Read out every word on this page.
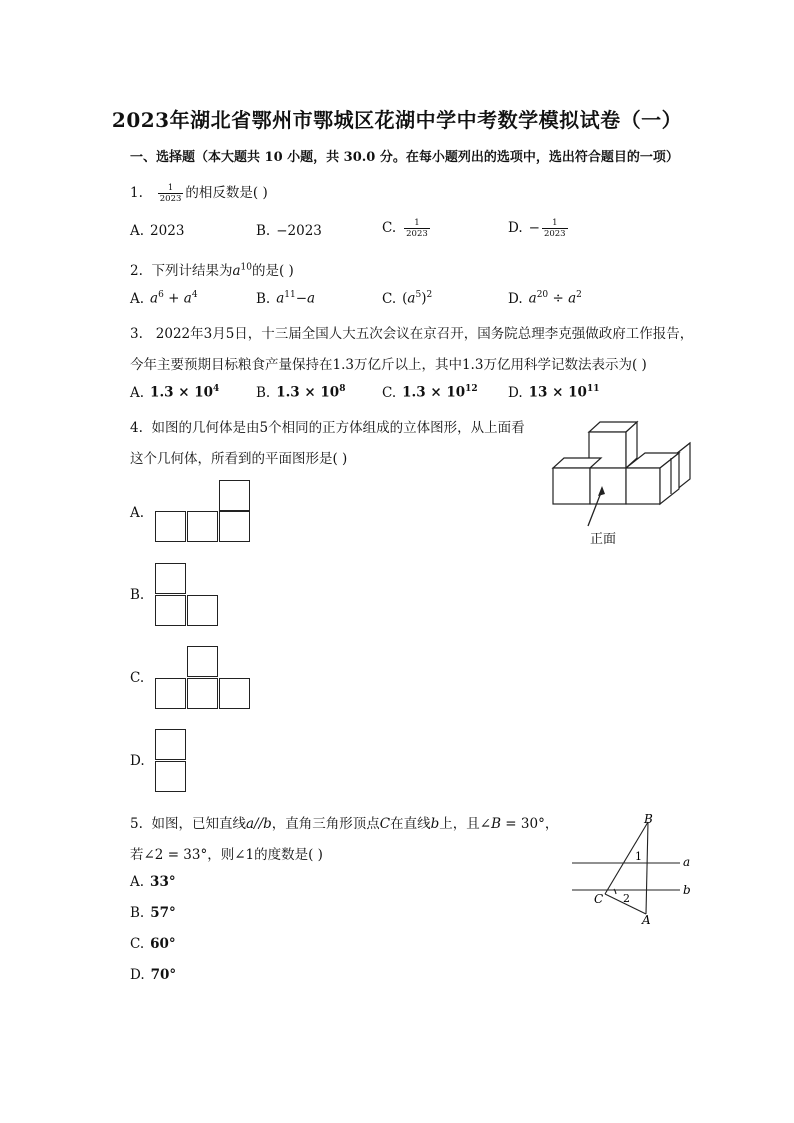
2023年湖北省鄂州市鄂城区花湖中学中考数学模拟试卷（一）
一、选择题（本大题共 10 小题，共 30.0 分。在每小题列出的选项中，选出符合题目的一项）
1. $\frac{1}{2023}$ 的相反数是( )
A. 2023	B. −2023	C. $\frac{1}{2023}$	D. − $\frac{1}{2023}$
2. 下列计结果为$a^{10}$的是( )
A. $a^6 + a^4$	B. $a^{11}-a$	C. $(a^5)^2$	D. $a^{20} \div a^2$
3. 2022年3月5日，十三届全国人大五次会议在京召开，国务院总理李克强做政府工作报告，
今年主要预期目标粮食产量保持在1.3万亿斤以上，其中1.3万亿用科学记数法表示为( )
A. $1.3 \times 10^4$	B. $1.3 \times 10^8$	C. $1.3 \times 10^{12}$ D. $13 \times 10^{11}$
4. 如图的几何体是由5个相同的正方体组成的立体图形，从上面看
这个几何体，所看到的平面图形是( )
正面
A.
B.
C.
D.
5. 如图，已知直线a//b，直角三角形顶点C在直线b上，且∠B = 30°，
若∠2 = 33°，则∠1的度数是( )
B
A
C
a
b
1
2
A. 33°
B. 57°
C. 60°
D. 70°
